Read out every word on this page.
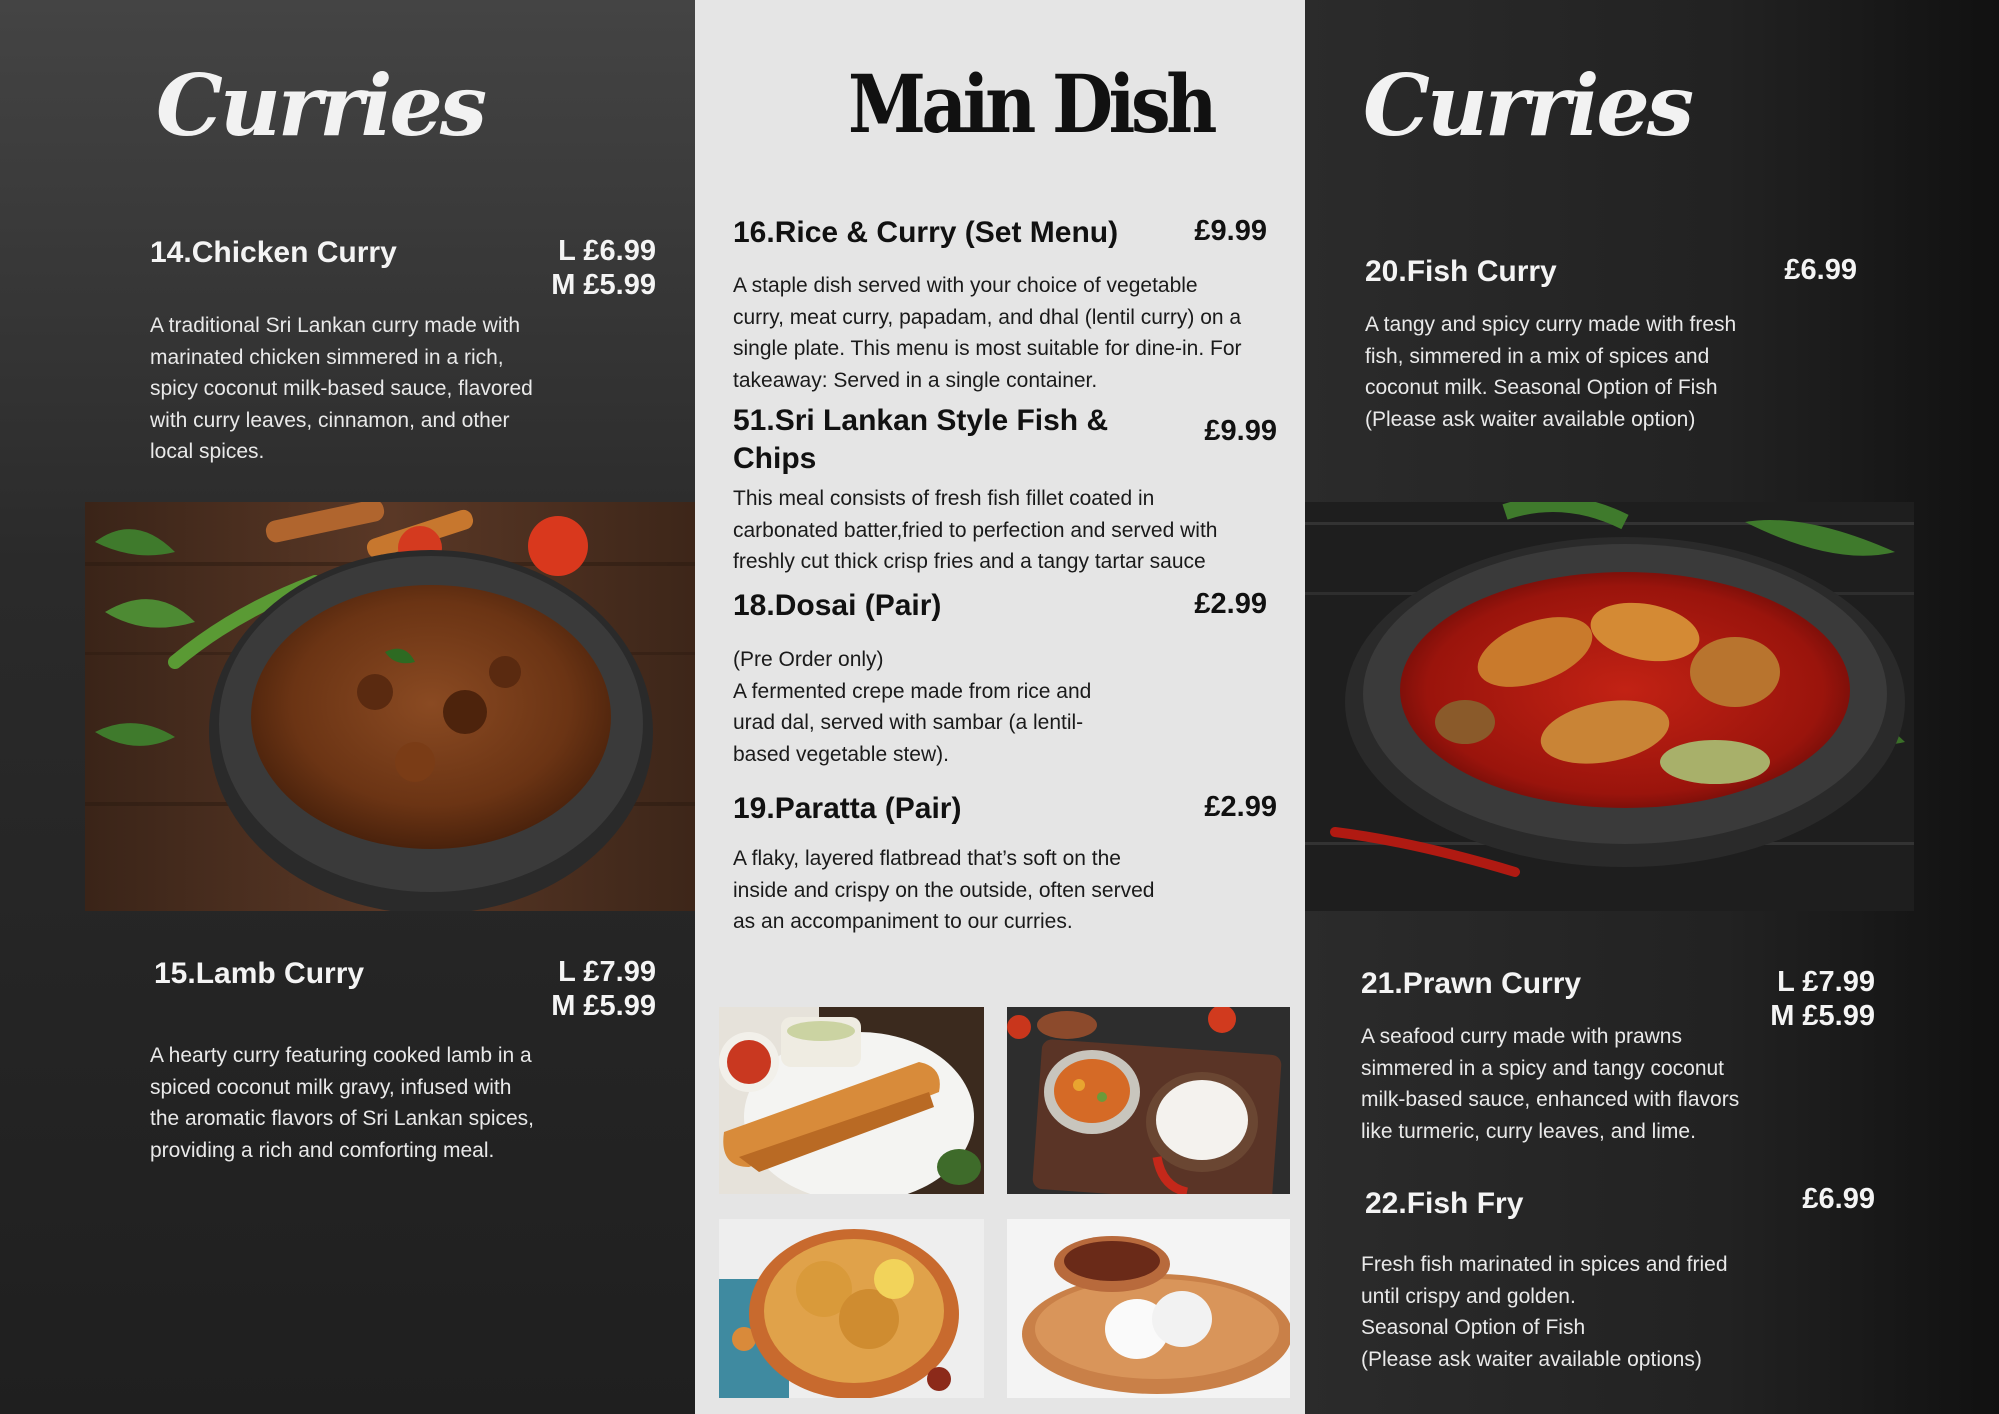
Curries
14.Chicken Curry	L £6.99
M £5.99

A traditional Sri Lankan curry made with
marinated chicken simmered in a rich,
spicy coconut milk-based sauce, flavored
with curry leaves, cinnamon, and other
local spices.

15.Lamb Curry	L £7.99
M £5.99

A hearty curry featuring cooked lamb in a
spiced coconut milk gravy, infused with
the aromatic flavors of Sri Lankan spices,
providing a rich and comforting meal.

Main Dish
16.Rice & Curry (Set Menu)	£9.99

A staple dish served with your choice of vegetable
curry, meat curry, papadam, and dhal (lentil curry) on a
single plate. This menu is most suitable for dine-in. For
takeaway: Served in a single container.

51.Sri Lankan Style Fish &
Chips
£9.99

This meal consists of fresh fish fillet coated in
carbonated batter,fried to perfection and served with
freshly cut thick crisp fries and a tangy tartar sauce

18.Dosai (Pair)	£2.99

(Pre Order only)
A fermented crepe made from rice and
urad dal, served with sambar (a lentil-
based vegetable stew).

19.Paratta (Pair)	£2.99

A flaky, layered flatbread that’s soft on the
inside and crispy on the outside, often served
as an accompaniment to our curries.

Curries
20.Fish Curry	£6.99

A tangy and spicy curry made with fresh
fish, simmered in a mix of spices and
coconut milk. Seasonal Option of Fish
(Please ask waiter available option)

21.Prawn Curry	L £7.99
M £5.99

A seafood curry made with prawns
simmered in a spicy and tangy coconut
milk-based sauce, enhanced with flavors
like turmeric, curry leaves, and lime.

22.Fish Fry	£6.99

Fresh fish marinated in spices and fried
until crispy and golden.
Seasonal Option of Fish
(Please ask waiter available options)
